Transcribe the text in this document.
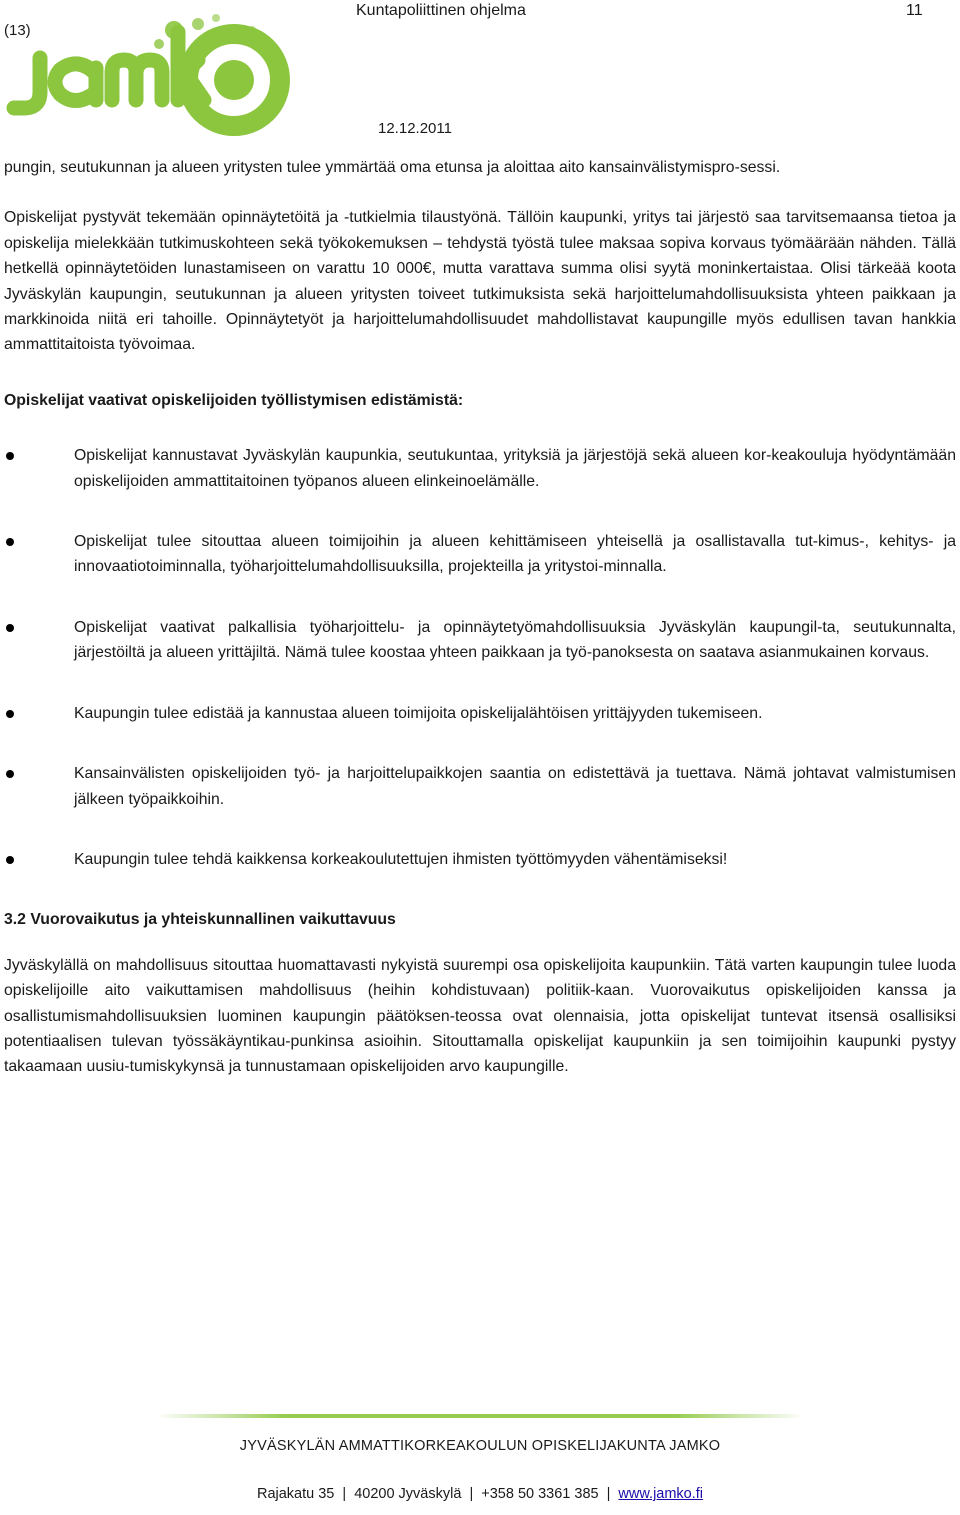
(13)
Kuntapoliittinen ohjelma	11
12.12.2011

pungin, seutukunnan ja alueen yritysten tulee ymmärtää oma etunsa ja aloittaa aito kansainvälistymispro-sessi.

Opiskelijat pystyvät tekemään opinnäytetöitä ja -tutkielmia tilaustyönä. Tällöin kaupunki, yritys tai järjestö saa tarvitsemaansa tietoa ja opiskelija mielekkään tutkimuskohteen sekä työkokemuksen – tehdystä työstä tulee maksaa sopiva korvaus työmäärään nähden. Tällä hetkellä opinnäytetöiden lunastamiseen on varattu 10 000€, mutta varattava summa olisi syytä moninkertaistaa. Olisi tärkeää koota Jyväskylän kaupungin, seutukunnan ja alueen yritysten toiveet tutkimuksista sekä harjoittelumahdollisuuksista yhteen paikkaan ja markkinoida niitä eri tahoille. Opinnäytetyöt ja harjoittelumahdollisuudet mahdollistavat kaupungille myös edullisen tavan hankkia ammattitaitoista työvoimaa.

Opiskelijat vaativat opiskelijoiden työllistymisen edistämistä:

Opiskelijat kannustavat Jyväskylän kaupunkia, seutukuntaa, yrityksiä ja järjestöjä sekä alueen kor-keakouluja hyödyntämään opiskelijoiden ammattitaitoinen työpanos alueen elinkeinoelämälle.
Opiskelijat tulee sitouttaa alueen toimijoihin ja alueen kehittämiseen yhteisellä ja osallistavalla tut-kimus-, kehitys- ja innovaatiotoiminnalla, työharjoittelumahdollisuuksilla, projekteilla ja yritystoi-minnalla.
Opiskelijat vaativat palkallisia työharjoittelu- ja opinnäytetyömahdollisuuksia Jyväskylän kaupungil-ta, seutukunnalta, järjestöiltä ja alueen yrittäjiltä. Nämä tulee koostaa yhteen paikkaan ja työ-panoksesta on saatava asianmukainen korvaus.
Kaupungin tulee edistää ja kannustaa alueen toimijoita opiskelijalähtöisen yrittäjyyden tukemiseen.
Kansainvälisten opiskelijoiden työ- ja harjoittelupaikkojen saantia on edistettävä ja tuettava. Nämä johtavat valmistumisen jälkeen työpaikkoihin.
Kaupungin tulee tehdä kaikkensa korkeakoulutettujen ihmisten työttömyyden vähentämiseksi!

3.2 Vuorovaikutus ja yhteiskunnallinen vaikuttavuus

Jyväskylällä on mahdollisuus sitouttaa huomattavasti nykyistä suurempi osa opiskelijoita kaupunkiin. Tätä varten kaupungin tulee luoda opiskelijoille aito vaikuttamisen mahdollisuus (heihin kohdistuvaan) politiik-kaan. Vuorovaikutus opiskelijoiden kanssa ja osallistumismahdollisuuksien luominen kaupungin päätöksen-teossa ovat olennaisia, jotta opiskelijat tuntevat itsensä osallisiksi potentiaalisen tulevan työssäkäyntikau-punkinsa asioihin. Sitouttamalla opiskelijat kaupunkiin ja sen toimijoihin kaupunki pystyy takaamaan uusiu-tumiskykynsä ja tunnustamaan opiskelijoiden arvo kaupungille.

JYVÄSKYLÄN AMMATTIKORKEAKOULUN OPISKELIJAKUNTA JAMKO
Rajakatu 35 | 40200 Jyväskylä | +358 50 3361 385 | www.jamko.fi
